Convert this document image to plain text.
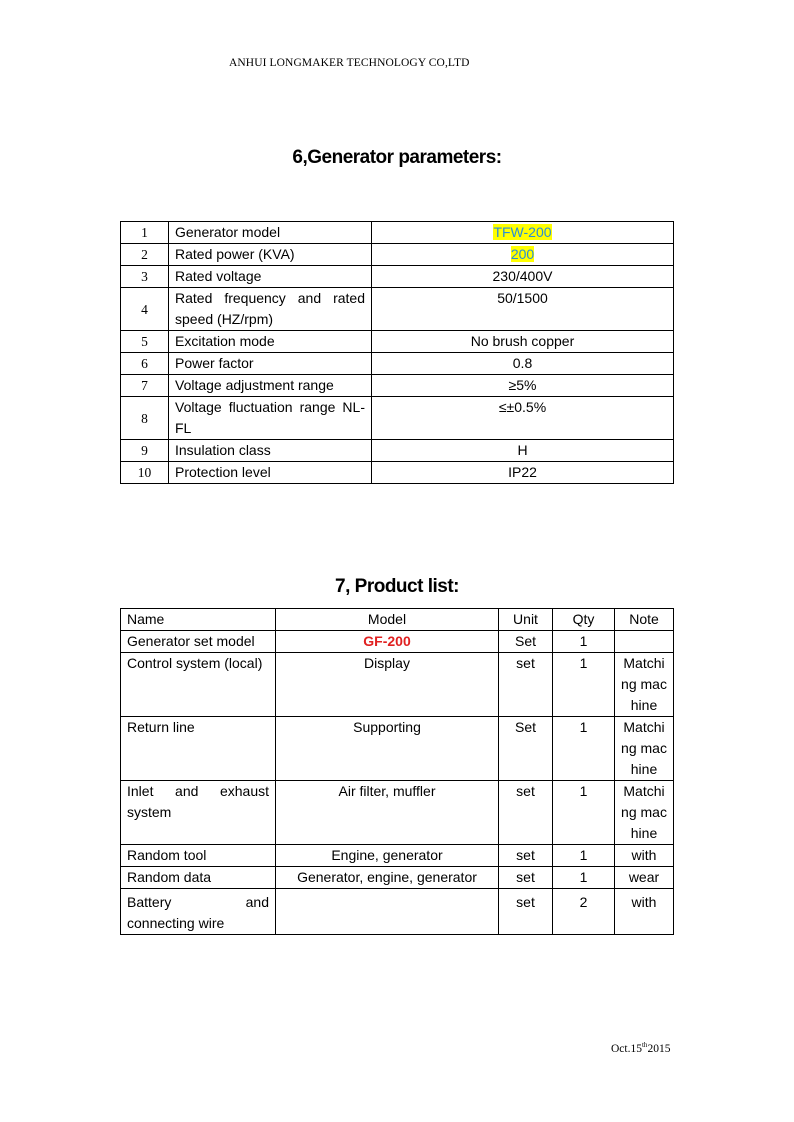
ANHUI LONGMAKER TECHNOLOGY CO,LTD
6,Generator parameters:
1	Generator model	TFW-200
2	Rated power (KVA)	200
3	Rated voltage	230/400V
4	Rated frequency and rated speed (HZ/rpm)	50/1500
5	Excitation mode	No brush copper
6	Power factor	0.8
7	Voltage adjustment range	≥5%
8	Voltage fluctuation range NL-FL	≤±0.5%
9	Insulation class	H
10	Protection level	IP22
7, Product list:
Name	Model	Unit	Qty	Note
Generator set model	GF-200	Set	1	
Control system (local)	Display	set	1	Matching machine

Return line	Supporting	Set	1	Matching machine

Inlet and exhaust system	Air filter, muffler	set	1	Matching machine

Random tool	Engine, generator	set	1	with
Random data	Generator, engine, generator	set	1	wear
Battery and connecting wire		set	2	with
Oct.15th2015
